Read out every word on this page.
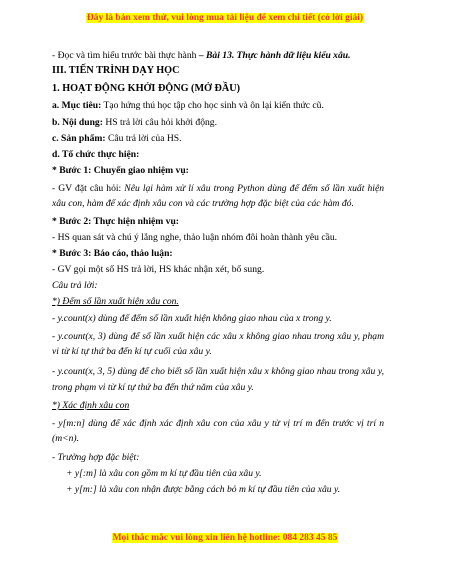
Đây là bản xem thử, vui lòng mua tài liệu để xem chi tiết (có lời giải)
- Đọc và tìm hiểu trước bài thực hành – Bài 13. Thực hành dữ liệu kiểu xâu.
III. TIẾN TRÌNH DẠY HỌC
1. HOẠT ĐỘNG KHỞI ĐỘNG (MỞ ĐẦU)
a. Mục tiêu: Tạo hứng thú học tập cho học sinh và ôn lại kiến thức cũ.
b. Nội dung: HS trả lời câu hỏi khởi động.
c. Sản phẩm: Câu trả lời của HS.
d. Tổ chức thực hiện:
* Bước 1: Chuyển giao nhiệm vụ:
- GV đặt câu hỏi: Nêu lại hàm xử lí xâu trong Python dùng để đếm số lần xuất hiện xâu con, hàm để xác định xâu con và các trường hợp đặc biệt của các hàm đó.
* Bước 2: Thực hiện nhiệm vụ:
- HS quan sát và chú ý lắng nghe, thảo luận nhóm đôi hoàn thành yêu cầu.
* Bước 3: Báo cáo, thảo luận:
- GV gọi một số HS trả lời, HS khác nhận xét, bổ sung.
Câu trả lời:
*) Đếm số lần xuất hiện xâu con.
- y.count(x) dùng để đếm số lần xuất hiện không giao nhau của x trong y.
- y.count(x, 3) dùng để số lần xuất hiện các xâu x không giao nhau trong xâu y, phạm vi từ kí tự thứ ba đến kí tự cuối của xâu y.
- y.count(x, 3, 5) dùng để cho biết số lần xuất hiện xâu x không giao nhau trong xâu y, trong phạm vi từ kí tự thứ ba đến thứ năm của xâu y.
*) Xác định xâu con
- y[m:n] dùng để xác định xác định xâu con của xâu y từ vị trí m đến trước vị trí n (m<n).
- Trường hợp đặc biệt:
+ y[:m] là xâu con gồm m kí tự đầu tiên của xâu y.
+ y[m:] là xâu con nhận được bằng cách bỏ m kí tự đầu tiên của xâu y.
Mọi thắc mắc vui lòng xin liên hệ hotline: 084 283 45 85
